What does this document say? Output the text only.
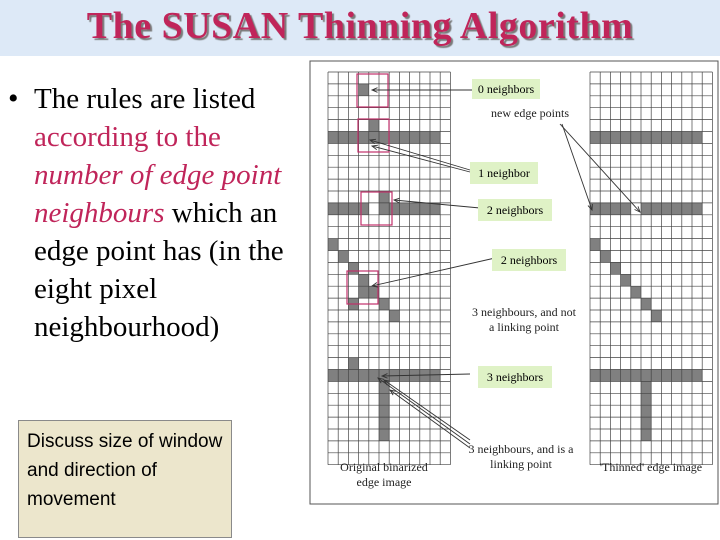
The SUSAN Thinning Algorithm
• The rules are listed according to the number of edge point neighbours which an edge point has (in the eight pixel neighbourhood)
Discuss size of window and direction of movement
0 neighbors
1 neighbor
2 neighbors
2 neighbors
3 neighbors
new edge points
3 neighbours, and not a linking point
3 neighbours, and is a linking point
Original binarized edge image
'Thinned' edge image
